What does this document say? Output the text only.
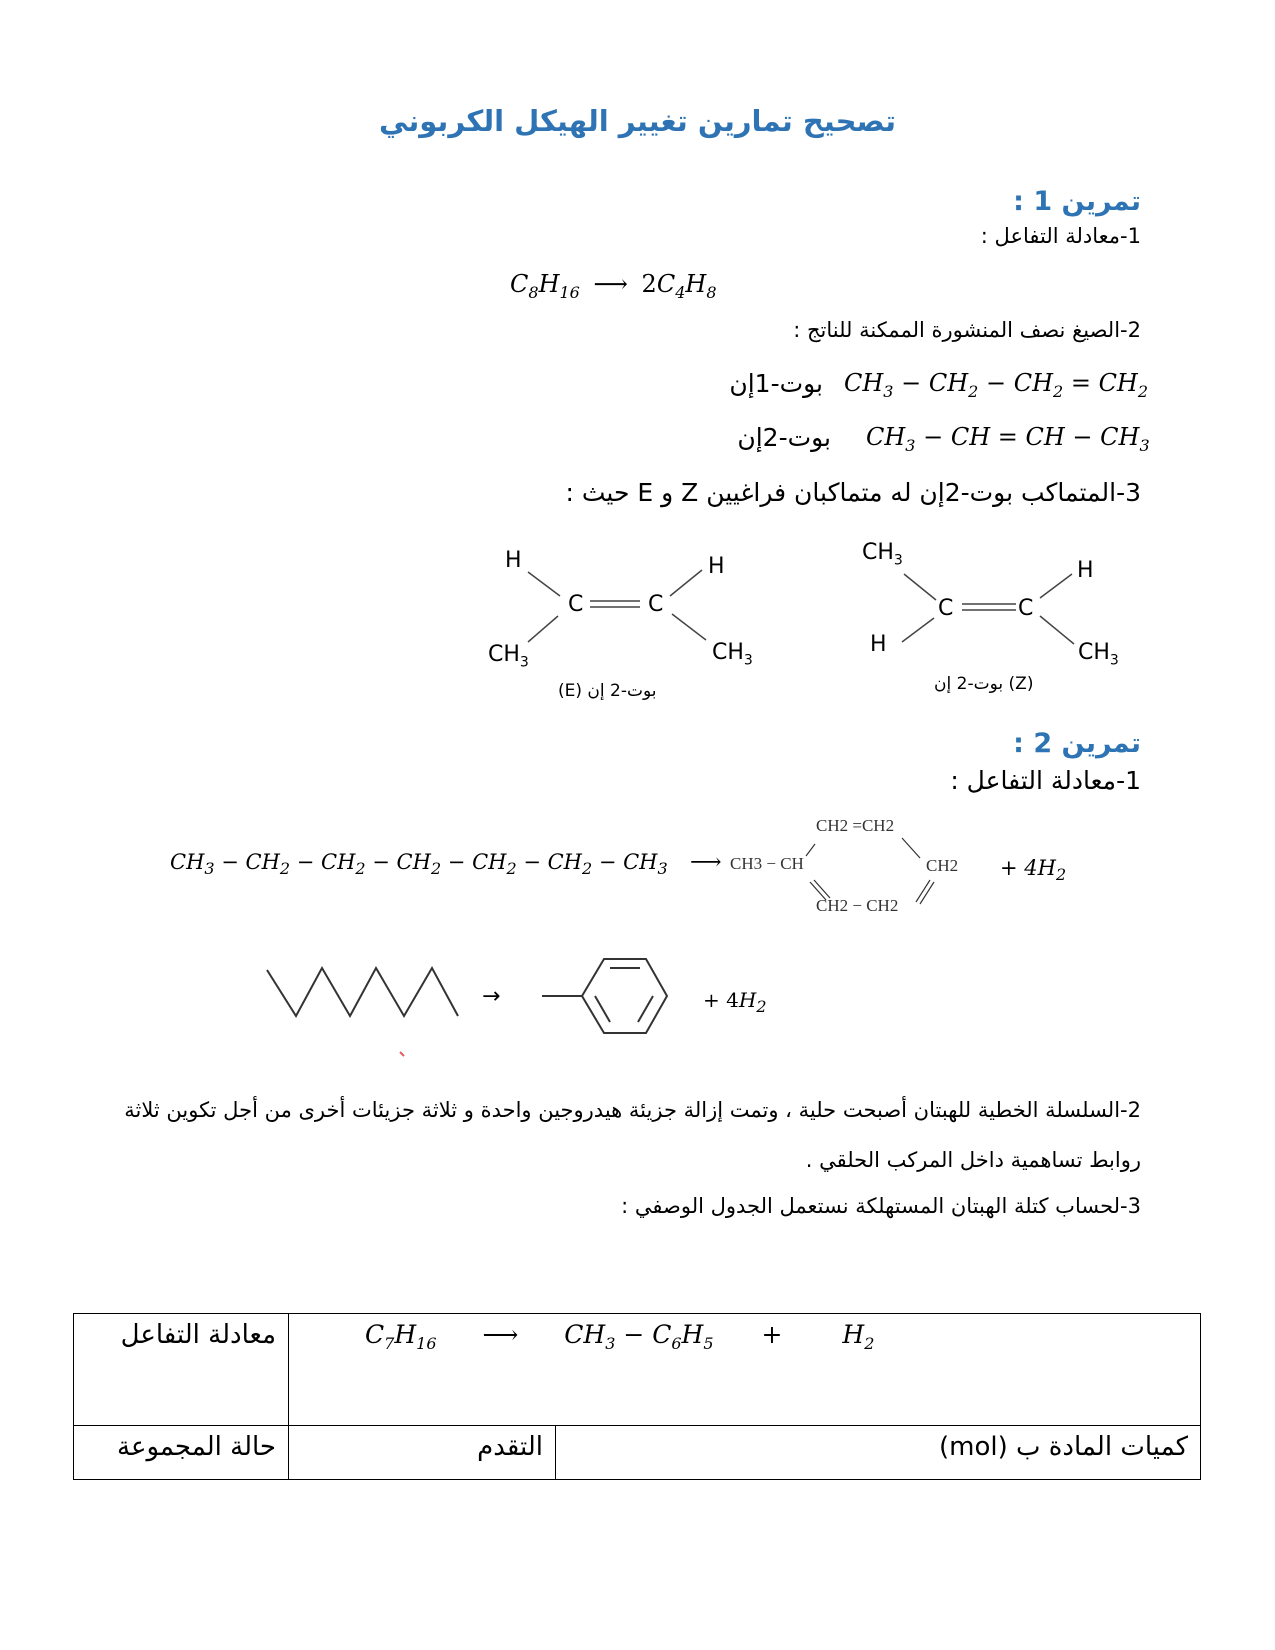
تصحيح تمارين تغيير الهيكل الكربوني
تمرين 1 :
1-معادلة التفاعل :
$C_8H_{16}$ ⟶ $2C_4H_8$
2-الصيغ نصف المنشورة الممكنة للناتج :
$CH_3 - CH_2 - CH_2 = CH_2$
بوت-1إن
$CH_3$ − CH = CH − $CH_3$
بوت-2إن
3-المتماكب بوت-2إن له متماكبان فراغيين Z و E حيث :
H	H
C	C
$CH_3$	$CH_3$
بوت-2 إن (E)
$CH_3$	H
C	C
H	$CH_3$
(Z) بوت-2 إن
تمرين 2 :
1-معادلة التفاعل :
$CH_3 - CH_2 - CH_2 - CH_2 - CH_2 - CH_2 - CH_3$ ⟶
CH2 =CH2
CH3 − CH	CH2
CH2 − CH2
+ $4H_2$
→	+ $4H_2$
2-السلسلة الخطية للهبتان أصبحت حلية ، وتمت إزالة جزيئة هيدروجين واحدة و ثلاثة جزيئات أخرى من أجل تكوين ثلاثة
روابط تساهمية داخل المركب الحلقي .
3-لحساب كتلة الهبتان المستهلكة نستعمل الجدول الوصفي :
$C_7H_{16}$ ⟶ $CH_3 - C_6H_5 + H_2$		معادلة التفاعل
كميات المادة ب (mol)	التقدم	حالة المجموعة
